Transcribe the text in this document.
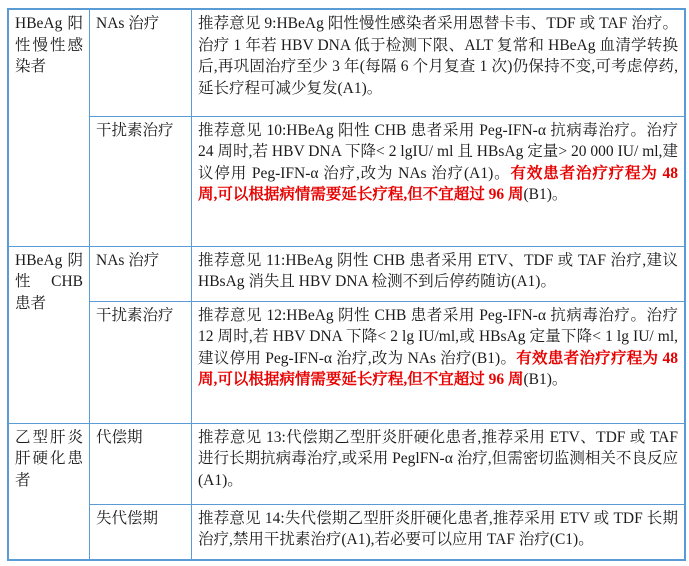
HBeAg 阳性慢性感染者	NAs 治疗	推荐意见 9:HBeAg 阳性慢性感染者采用恩替卡韦、TDF 或 TAF 治疗。治疗 1 年若 HBV DNA 低于检测下限、ALT 复常和 HBeAg 血清学转换后,再巩固治疗至少 3 年(每隔 6 个月复查 1 次)仍保持不变,可考虑停药,延长疗程可减少复发(A1)。
	干扰素治疗	推荐意见 10:HBeAg 阳性 CHB 患者采用 Peg-IFN-α 抗病毒治疗。治疗 24 周时,若 HBV DNA 下降< 2 lgIU/ ml 且 HBsAg 定量> 20 000 IU/ ml,建议停用 Peg-IFN-α 治疗,改为 NAs 治疗(A1)。有效患者治疗疗程为 48 周,可以根据病情需要延长疗程,但不宜超过 96 周(B1)。
HBeAg 阴性 CHB 患者	NAs 治疗	推荐意见 11:HBeAg 阴性 CHB 患者采用 ETV、TDF 或 TAF 治疗,建议 HBsAg 消失且 HBV DNA 检测不到后停药随访(A1)。
	干扰素治疗	推荐意见 12:HBeAg 阴性 CHB 患者采用 Peg-IFN-α 抗病毒治疗。治疗 12 周时,若 HBV DNA 下降< 2 lg IU/ml,或 HBsAg 定量下降< 1 lg IU/ ml,建议停用 Peg-IFN-α 治疗,改为 NAs 治疗(B1)。有效患者治疗疗程为 48 周,可以根据病情需要延长疗程,但不宜超过 96 周(B1)。
乙型肝炎肝硬化患者	代偿期	推荐意见 13:代偿期乙型肝炎肝硬化患者,推荐采用 ETV、TDF 或 TAF 进行长期抗病毒治疗,或采用 PeglFN-α 治疗,但需密切监测相关不良反应(A1)。
	失代偿期	推荐意见 14:失代偿期乙型肝炎肝硬化患者,推荐采用 ETV 或 TDF 长期治疗,禁用干扰素治疗(A1),若必要可以应用 TAF 治疗(C1)。
